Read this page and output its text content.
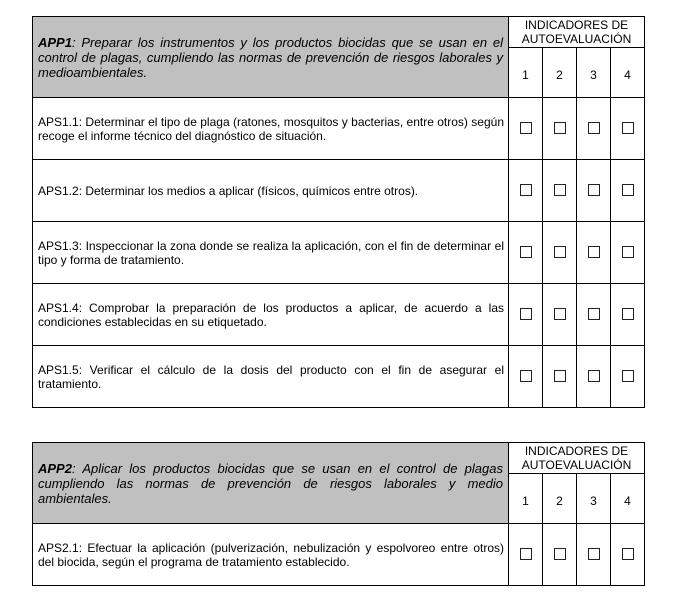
APP1: Preparar los instrumentos y los productos biocidas que se usan en el control de plagas, cumpliendo las normas de prevención de riesgos laborales y medioambientales.	INDICADORES DE AUTOEVALUACIÓN			
	1	2	3	4
APS1.1: Determinar el tipo de plaga (ratones, mosquitos y bacterias, entre otros) según recoge el informe técnico del diagnóstico de situación.				
APS1.2: Determinar los medios a aplicar (físicos, químicos entre otros).				
APS1.3: Inspeccionar la zona donde se realiza la aplicación, con el fin de determinar el tipo y forma de tratamiento.				
APS1.4: Comprobar la preparación de los productos a aplicar, de acuerdo a las condiciones establecidas en su etiquetado.				
APS1.5: Verificar el cálculo de la dosis del producto con el fin de asegurar el tratamiento.				
APP2: Aplicar los productos biocidas que se usan en el control de plagas cumpliendo las normas de prevención de riesgos laborales y medio ambientales.	INDICADORES DE AUTOEVALUACIÓN			
	1	2	3	4
APS2.1: Efectuar la aplicación (pulverización, nebulización y espolvoreo entre otros) del biocida, según el programa de tratamiento establecido.				
